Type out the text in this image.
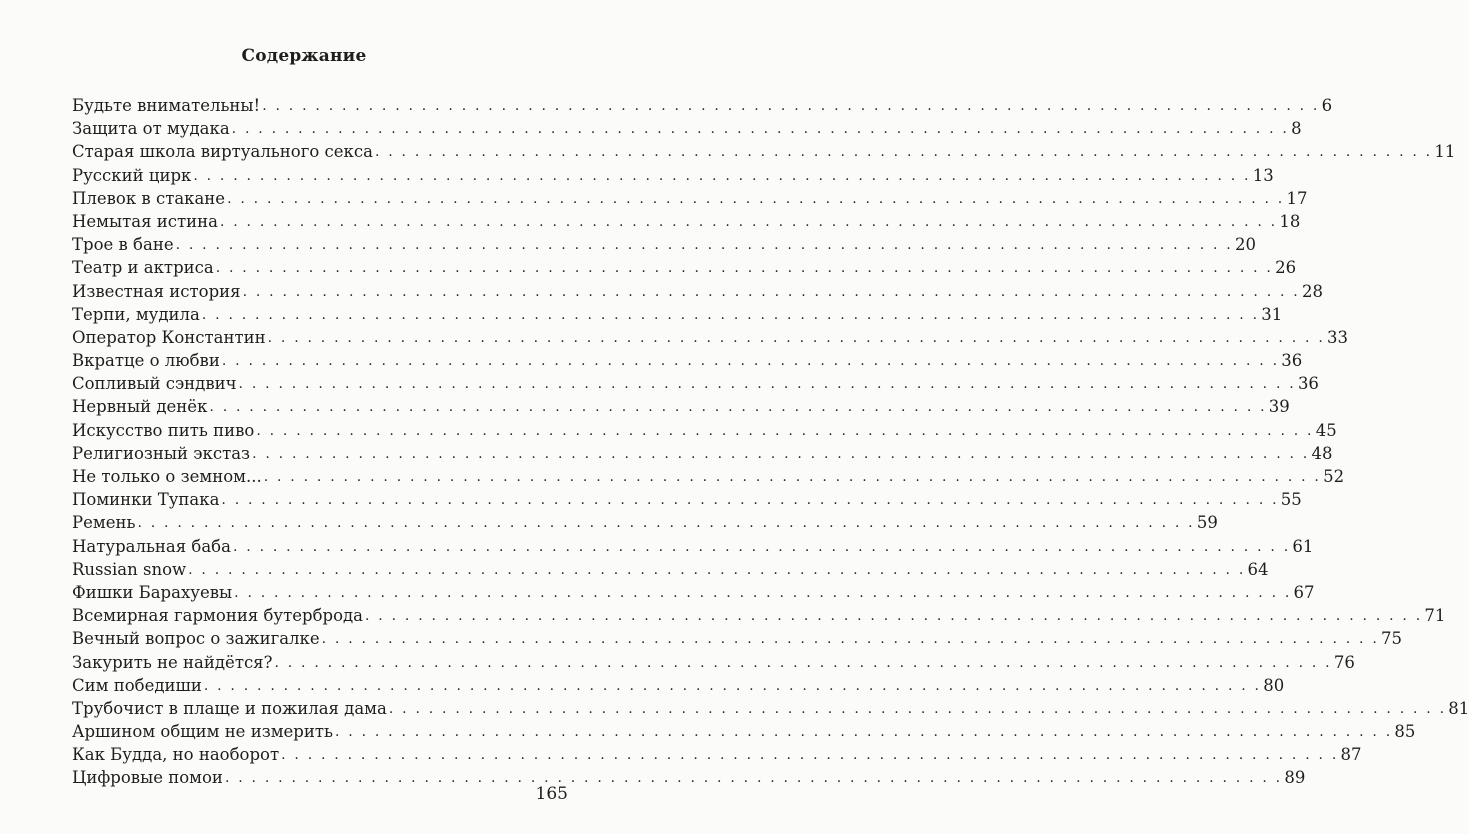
Содержание
Будьте внимательны! . . . . . . . . . . . . . . . . . . . . . . . . . . . . . . . . . . . . . . . . . . . . . . . . . . . . . . . . . . . . . . . . . . . . . . . . . . . . . . . . 6
Защита от мудака . . . . . . . . . . . . . . . . . . . . . . . . . . . . . . . . . . . . . . . . . . . . . . . . . . . . . . . . . . . . . . . . . . . . . . . . . . . . . . . . 8
Старая школа виртуального секса . . . . . . . . . . . . . . . . . . . . . . . . . . . . . . . . . . . . . . . . . . . . . . . . . . . . . . . . . . . . . . . . . . . . . . . . . . . . . . . . 11
Русский цирк . . . . . . . . . . . . . . . . . . . . . . . . . . . . . . . . . . . . . . . . . . . . . . . . . . . . . . . . . . . . . . . . . . . . . . . . . . . . . . . . 13
Плевок в стакане . . . . . . . . . . . . . . . . . . . . . . . . . . . . . . . . . . . . . . . . . . . . . . . . . . . . . . . . . . . . . . . . . . . . . . . . . . . . . . . . 17
Немытая истина . . . . . . . . . . . . . . . . . . . . . . . . . . . . . . . . . . . . . . . . . . . . . . . . . . . . . . . . . . . . . . . . . . . . . . . . . . . . . . . . 18
Трое в бане . . . . . . . . . . . . . . . . . . . . . . . . . . . . . . . . . . . . . . . . . . . . . . . . . . . . . . . . . . . . . . . . . . . . . . . . . . . . . . . . 20
Театр и актриса . . . . . . . . . . . . . . . . . . . . . . . . . . . . . . . . . . . . . . . . . . . . . . . . . . . . . . . . . . . . . . . . . . . . . . . . . . . . . . . . 26
Известная история . . . . . . . . . . . . . . . . . . . . . . . . . . . . . . . . . . . . . . . . . . . . . . . . . . . . . . . . . . . . . . . . . . . . . . . . . . . . . . . . 28
Терпи, мудила . . . . . . . . . . . . . . . . . . . . . . . . . . . . . . . . . . . . . . . . . . . . . . . . . . . . . . . . . . . . . . . . . . . . . . . . . . . . . . . . 31
Оператор Константин . . . . . . . . . . . . . . . . . . . . . . . . . . . . . . . . . . . . . . . . . . . . . . . . . . . . . . . . . . . . . . . . . . . . . . . . . . . . . . . . 33
Вкратце о любви . . . . . . . . . . . . . . . . . . . . . . . . . . . . . . . . . . . . . . . . . . . . . . . . . . . . . . . . . . . . . . . . . . . . . . . . . . . . . . . . 36
Сопливый сэндвич . . . . . . . . . . . . . . . . . . . . . . . . . . . . . . . . . . . . . . . . . . . . . . . . . . . . . . . . . . . . . . . . . . . . . . . . . . . . . . . . 36
Нервный денёк . . . . . . . . . . . . . . . . . . . . . . . . . . . . . . . . . . . . . . . . . . . . . . . . . . . . . . . . . . . . . . . . . . . . . . . . . . . . . . . . 39
Искусство пить пиво . . . . . . . . . . . . . . . . . . . . . . . . . . . . . . . . . . . . . . . . . . . . . . . . . . . . . . . . . . . . . . . . . . . . . . . . . . . . . . . . 45
Религиозный экстаз . . . . . . . . . . . . . . . . . . . . . . . . . . . . . . . . . . . . . . . . . . . . . . . . . . . . . . . . . . . . . . . . . . . . . . . . . . . . . . . . 48
Не только о земном... . . . . . . . . . . . . . . . . . . . . . . . . . . . . . . . . . . . . . . . . . . . . . . . . . . . . . . . . . . . . . . . . . . . . . . . . . . . . . . . . 52
Поминки Тупака . . . . . . . . . . . . . . . . . . . . . . . . . . . . . . . . . . . . . . . . . . . . . . . . . . . . . . . . . . . . . . . . . . . . . . . . . . . . . . . . 55
Ремень . . . . . . . . . . . . . . . . . . . . . . . . . . . . . . . . . . . . . . . . . . . . . . . . . . . . . . . . . . . . . . . . . . . . . . . . . . . . . . . . 59
Натуральная баба . . . . . . . . . . . . . . . . . . . . . . . . . . . . . . . . . . . . . . . . . . . . . . . . . . . . . . . . . . . . . . . . . . . . . . . . . . . . . . . . 61
Russian snow . . . . . . . . . . . . . . . . . . . . . . . . . . . . . . . . . . . . . . . . . . . . . . . . . . . . . . . . . . . . . . . . . . . . . . . . . . . . . . . . 64
Фишки Барахуевы . . . . . . . . . . . . . . . . . . . . . . . . . . . . . . . . . . . . . . . . . . . . . . . . . . . . . . . . . . . . . . . . . . . . . . . . . . . . . . . . 67
Всемирная гармония бутерброда . . . . . . . . . . . . . . . . . . . . . . . . . . . . . . . . . . . . . . . . . . . . . . . . . . . . . . . . . . . . . . . . . . . . . . . . . . . . . . . . 71
Вечный вопрос о зажигалке . . . . . . . . . . . . . . . . . . . . . . . . . . . . . . . . . . . . . . . . . . . . . . . . . . . . . . . . . . . . . . . . . . . . . . . . . . . . . . . . 75
Закурить не найдётся? . . . . . . . . . . . . . . . . . . . . . . . . . . . . . . . . . . . . . . . . . . . . . . . . . . . . . . . . . . . . . . . . . . . . . . . . . . . . . . . . 76
Сим победиши . . . . . . . . . . . . . . . . . . . . . . . . . . . . . . . . . . . . . . . . . . . . . . . . . . . . . . . . . . . . . . . . . . . . . . . . . . . . . . . . 80
Трубочист в плаще и пожилая дама . . . . . . . . . . . . . . . . . . . . . . . . . . . . . . . . . . . . . . . . . . . . . . . . . . . . . . . . . . . . . . . . . . . . . . . . . . . . . . . . 81
Аршином общим не измерить . . . . . . . . . . . . . . . . . . . . . . . . . . . . . . . . . . . . . . . . . . . . . . . . . . . . . . . . . . . . . . . . . . . . . . . . . . . . . . . . 85
Как Будда, но наоборот . . . . . . . . . . . . . . . . . . . . . . . . . . . . . . . . . . . . . . . . . . . . . . . . . . . . . . . . . . . . . . . . . . . . . . . . . . . . . . . . 87
Цифровые помои . . . . . . . . . . . . . . . . . . . . . . . . . . . . . . . . . . . . . . . . . . . . . . . . . . . . . . . . . . . . . . . . . . . . . . . . . . . . . . . . 89
165
